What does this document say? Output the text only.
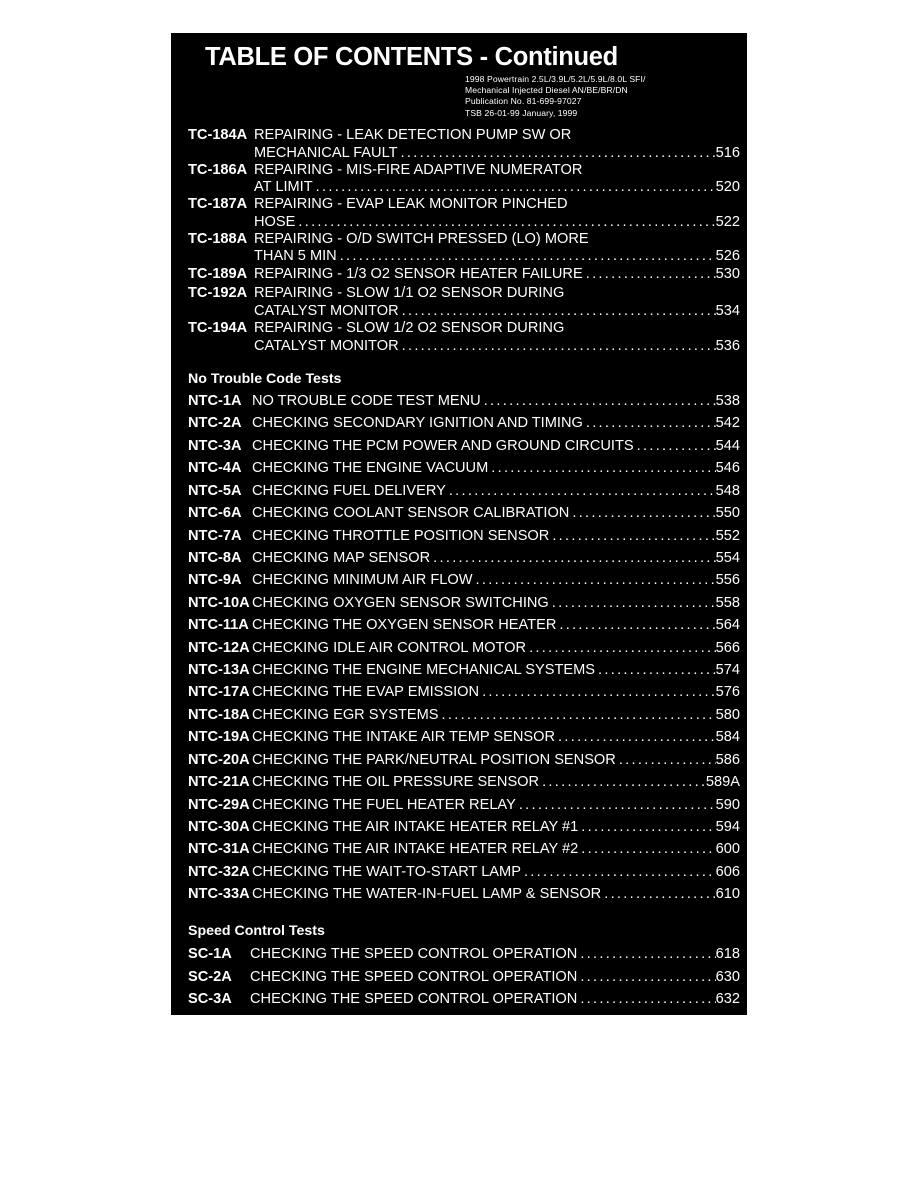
TABLE OF CONTENTS - Continued
1998 Powertrain 2.5L/3.9L/5.2L/5.9L/8.0L SFI/
Mechanical Injected Diesel AN/BE/BR/DN
Publication No. 81-699-97027
TSB 26-01-99 January, 1999
TC-184A REPAIRING - LEAK DETECTION PUMP SW OR
MECHANICAL FAULT .....	516
TC-186A REPAIRING - MIS-FIRE ADAPTIVE NUMERATOR
AT LIMIT .....	520
TC-187A REPAIRING - EVAP LEAK MONITOR PINCHED
HOSE .....	522
TC-188A REPAIRING - O/D SWITCH PRESSED (LO) MORE
THAN 5 MIN .....	526
TC-189A REPAIRING - 1/3 O2 SENSOR HEATER FAILURE .....	530
TC-192A REPAIRING - SLOW 1/1 O2 SENSOR DURING
CATALYST MONITOR .....	534
TC-194A REPAIRING - SLOW 1/2 O2 SENSOR DURING
CATALYST MONITOR .....	536
No Trouble Code Tests
NTC-1A NO TROUBLE CODE TEST MENU .....	538
NTC-2A CHECKING SECONDARY IGNITION AND TIMING .....	542
NTC-3A CHECKING THE PCM POWER AND GROUND CIRCUITS .....	544
NTC-4A CHECKING THE ENGINE VACUUM .....	546
NTC-5A CHECKING FUEL DELIVERY .....	548
NTC-6A CHECKING COOLANT SENSOR CALIBRATION .....	550
NTC-7A CHECKING THROTTLE POSITION SENSOR .....	552
NTC-8A CHECKING MAP SENSOR .....	554
NTC-9A CHECKING MINIMUM AIR FLOW .....	556
NTC-10A CHECKING OXYGEN SENSOR SWITCHING .....	558
NTC-11A CHECKING THE OXYGEN SENSOR HEATER .....	564
NTC-12A CHECKING IDLE AIR CONTROL MOTOR .....	566
NTC-13A CHECKING THE ENGINE MECHANICAL SYSTEMS .....	574
NTC-17A CHECKING THE EVAP EMISSION .....	576
NTC-18A CHECKING EGR SYSTEMS .....	580
NTC-19A CHECKING THE INTAKE AIR TEMP SENSOR .....	584
NTC-20A CHECKING THE PARK/NEUTRAL POSITION SENSOR .....	586
NTC-21A CHECKING THE OIL PRESSURE SENSOR .....	589A
NTC-29A CHECKING THE FUEL HEATER RELAY .....	590
NTC-30A CHECKING THE AIR INTAKE HEATER RELAY #1 .....	594
NTC-31A CHECKING THE AIR INTAKE HEATER RELAY #2 .....	600
NTC-32A CHECKING THE WAIT-TO-START LAMP .....	606
NTC-33A CHECKING THE WATER-IN-FUEL LAMP & SENSOR .....	610
Speed Control Tests
SC-1A CHECKING THE SPEED CONTROL OPERATION .....	618
SC-2A CHECKING THE SPEED CONTROL OPERATION .....	630
SC-3A CHECKING THE SPEED CONTROL OPERATION .....	632
